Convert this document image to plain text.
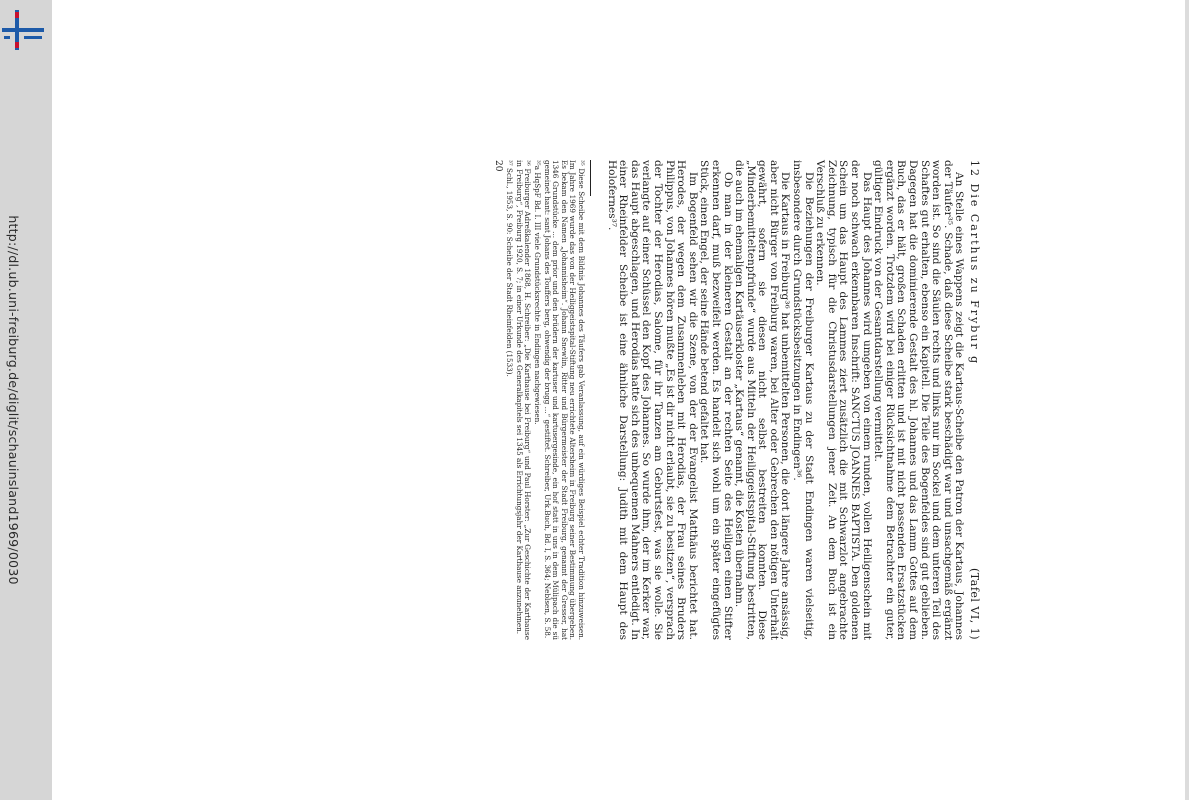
http://dl.ub.uni-freiburg.de/diglit/schauinsland1969/0030	12 Die Carthus zu Frybur g
(Tafel VI, 1)

An Stelle eines Wappens zeigt die Kartaus-Scheibe den Patron der Kartaus, Johannes der Täufer³⁵. Schade, daß diese Scheibe stark beschädigt war und unsachgemäß ergänzt worden ist. So sind die Säulen rechts und links nur im Sockel und dem unteren Teil des Schaftes gut erhalten, ebenso ein Kapitell. Die Teile des Bogenfeldes sind gut geblieben. Dagegen hat die dominierende Gestalt des hl. Johannes und das Lamm Gottes auf dem Buch, das er hält, großen Schaden erlitten und ist mit nicht passenden Ersatzstücken ergänzt worden. Trotzdem wird bei einiger Rücksichtnahme dem Betrachter ein guter, gültiger Eindruck von der Gesamtdarstellung vermittelt.

Das Haupt des Johannes wird umgeben von einem runden, vollen Heiligenschein mit der noch schwach erkennbaren Inschrift: SANCTUS JOANNES BAPTISTA. Den goldenen Schein um das Haupt des Lammes ziert zusätzlich die mit Schwarzlot angebrachte Zeichnung, typisch für die Christusdarstellungen jener Zeit. An dem Buch ist ein Verschluß zu erkennen.

Die Beziehungen der Freiburger Kartaus zu der Stadt Endingen waren vielseitig, insbesondere durch Grundstücksbesitzungen in Endingen³⁶.

Die Kartaus in Freiburg³⁶ hat unbemittelten Personen, die dort längere Jahre ansässig, aber nicht Bürger von Freiburg waren, bei Alter oder Gebrechen den nötigen Unterhalt gewährt, sofern sie diesen nicht selbst bestreiten konnten. Diese „Minderbemitteltenpfründe“ wurde aus Mitteln der Heiliggeistspital-Stiftung bestritten, die auch im ehemaligen Kartäuserkloster „Kartaus“ genannt, die Kosten übernahm.

Ob man in der kleineren Gestalt an der rechten Seite des Heiligen einen Stifter erkennen darf, muß bezweifelt werden. Es handelt sich wohl um ein später eingefügtes Stück, einen Engel, der seine Hände betend gefaltet hat.

Im Bogenfeld sehen wir die Szene, von der der Evangelist Matthäus berichtet hat. Herodes, der wegen dem Zusammenleben mit Herodias, der Frau seines Bruders Philippus, von Johannes hören mußte „Es ist dir nicht erlaubt, sie zu besitzen“, versprach der Tochter der Herodias, Salome, für ihr Tanzen am Geburtsfest, was sie wolle. Sie verlangte auf einer Schüssel den Kopf des Johannes. So wurde ihm, der im Kerker war, das Haupt abgeschlagen, und Herodias hatte sich des unbequemen Mahners entledigt. In einer Rheinfelder Scheibe ist eine ähnliche Darstellung: Judith mit dem Haupt des Holofernes³⁷.

³⁵ Diese Scheibe mit dem Bildnis Johannes des Täufers gab Veranlassung, auf ein würdiges Beispiel echter Tradition hinzuweisen. Im Jahre 1969 wurde das von der Heiliggeistspital-Stiftung neu errichtete Altersheim in Freiburg seiner Bestimmung übergeben. Es bekam den Namen „Johannisheim“. Johann Snewlin, Ritter und Bürgermeister der Stadt Freiburg, genannt der Gresser, hat 1346 Grundstücke ... dem prior und den brüdern der kartuser und kartusergesinde, ein hof statt in uns in dem Mülipach die sü gemeinet hant: sant Johans des Touffers berg, ohwendig der brugg ...“ gestiftet. Schreiber, Urk.Buch, Bd. I, S. 364; Neblsen, S. 58.
³⁵a HqSpF Bd. I. III viele Grundstücksrechte in Endingen nachgewiesen.
³⁶ Freiburger Adreßkalender 1868, H. Schreiber: „Die Karthause bei Freiburg“ und Paul Horster: „Zur Geschichte der Karthause in Freiburg“, Freiburg 1920, S. 7; in einer Urkunde des Generalkapitels sei 1345 als Errichtungsjahr der Karthause anzunehmen.
³⁷ Schl., 1953, S. 90: Scheibe der Stadt Rheinfelden (1533).
20
